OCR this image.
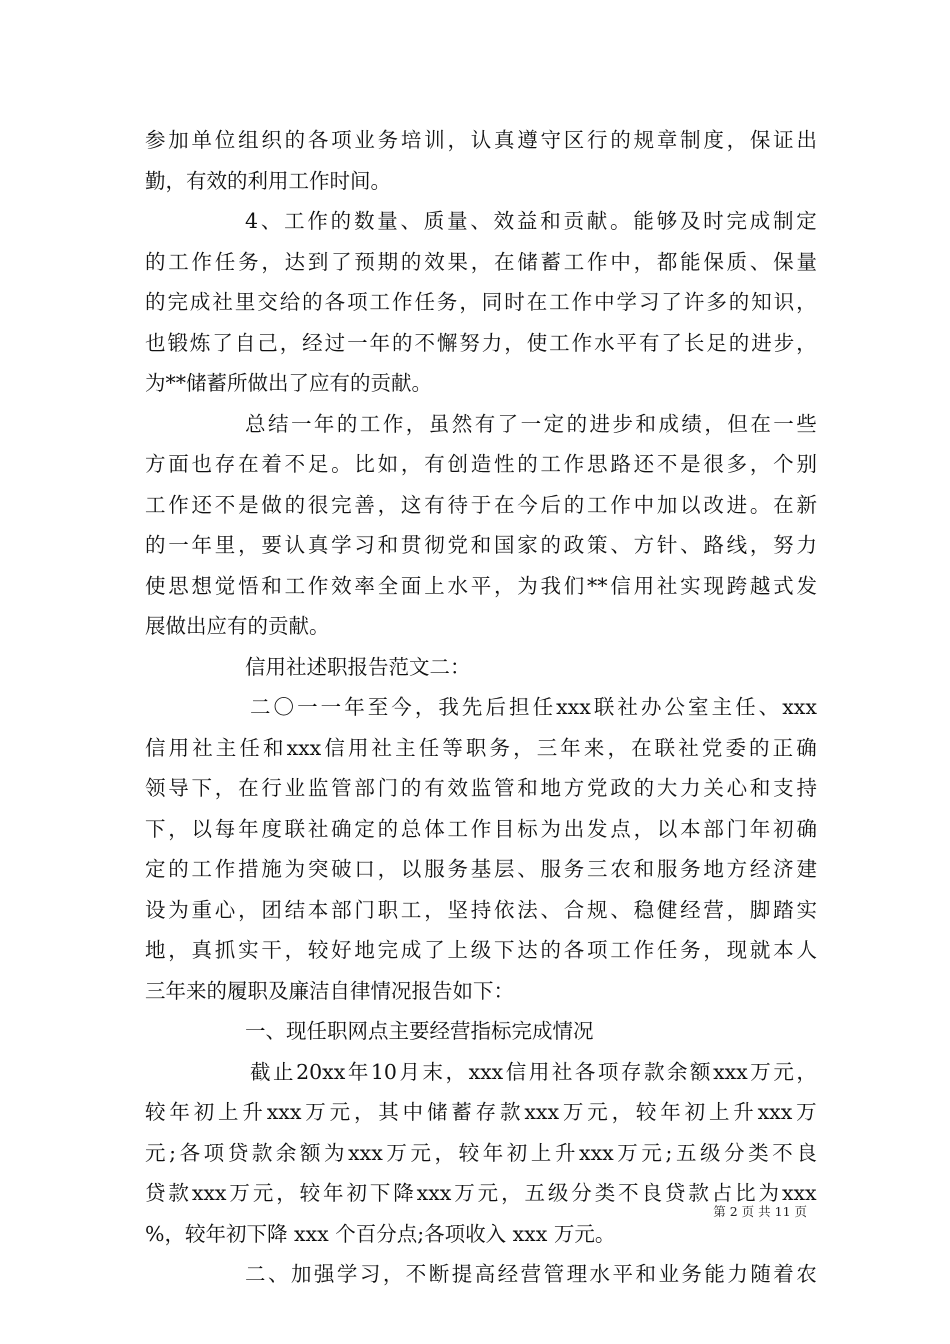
参 加 单 位 组 织 的 各 项 业 务 培 训 ， 认 真 遵 守 区 行 的 规 章 制 度 ， 保 证 出
勤，有效的利用工作时间。
4 、 工 作 的 数 量 、 质 量 、 效 益 和 贡 献 。 能 够 及 时 完 成 制 定
的 工 作 任 务 ， 达 到 了 预 期 的 效 果 ， 在 储 蓄 工 作 中 ， 都 能 保 质 、 保 量
的 完 成 社 里 交 给 的 各 项 工 作 任 务 ， 同 时 在 工 作 中 学 习 了 许 多 的 知 识 ，
也 锻 炼 了 自 己 ， 经 过 一 年 的 不 懈 努 力 ， 使 工 作 水 平 有 了 长 足 的 进 步 ，
为**储蓄所做出了应有的贡献。
总 结 一 年 的 工 作 ， 虽 然 有 了 一 定 的 进 步 和 成 绩 ， 但 在 一 些
方 面 也 存 在 着 不 足 。 比 如 ， 有 创 造 性 的 工 作 思 路 还 不 是 很 多 ， 个 别
工 作 还 不 是 做 的 很 完 善 ， 这 有 待 于 在 今 后 的 工 作 中 加 以 改 进 。 在 新
的 一 年 里 ， 要 认 真 学 习 和 贯 彻 党 和 国 家 的 政 策 、 方 针 、 路 线 ， 努 力
使 思 想 觉 悟 和 工 作 效 率 全 面 上 水 平 ， 为 我 们 ** 信 用 社 实 现 跨 越 式 发
展做出应有的贡献。
信用社述职报告范文二：
二 〇 一 一 年 至 今 ， 我 先 后 担 任 xxx 联 社 办 公 室 主 任 、 xxx
信 用 社 主 任 和 xxx 信 用 社 主 任 等 职 务 ， 三 年 来 ， 在 联 社 党 委 的 正 确
领 导 下 ， 在 行 业 监 管 部 门 的 有 效 监 管 和 地 方 党 政 的 大 力 关 心 和 支 持
下 ， 以 每 年 度 联 社 确 定 的 总 体 工 作 目 标 为 出 发 点 ， 以 本 部 门 年 初 确
定 的 工 作 措 施 为 突 破 口 ， 以 服 务 基 层 、 服 务 三 农 和 服 务 地 方 经 济 建
设 为 重 心 ， 团 结 本 部 门 职 工 ， 坚 持 依 法 、 合 规 、 稳 健 经 营 ， 脚 踏 实
地 ， 真 抓 实 干 ， 较 好 地 完 成 了 上 级 下 达 的 各 项 工 作 任 务 ， 现 就 本 人
三年来的履职及廉洁自律情况报告如下：
一、现任职网点主要经营指标完成情况
截 止 20xx 年 10 月 末 ， xxx 信 用 社 各 项 存 款 余 额 xxx 万 元 ，
较 年 初 上 升 xxx 万 元 ， 其 中 储 蓄 存 款 xxx 万 元 ， 较 年 初 上 升 xxx 万
元 ; 各 项 贷 款 余 额 为 xxx 万 元 ， 较 年 初 上 升 xxx 万 元 ; 五 级 分 类 不 良
贷 款 xxx 万 元 ， 较 年 初 下 降 xxx 万 元 ， 五 级 分 类 不 良 贷 款 占 比 为 xxx
%，较年初下降 xxx 个百分点;各项收入 xxx 万元。
二 、 加 强 学 习 ， 不 断 提 高 经 营 管 理 水 平 和 业 务 能 力 随 着 农
第 2 页 共 11 页
